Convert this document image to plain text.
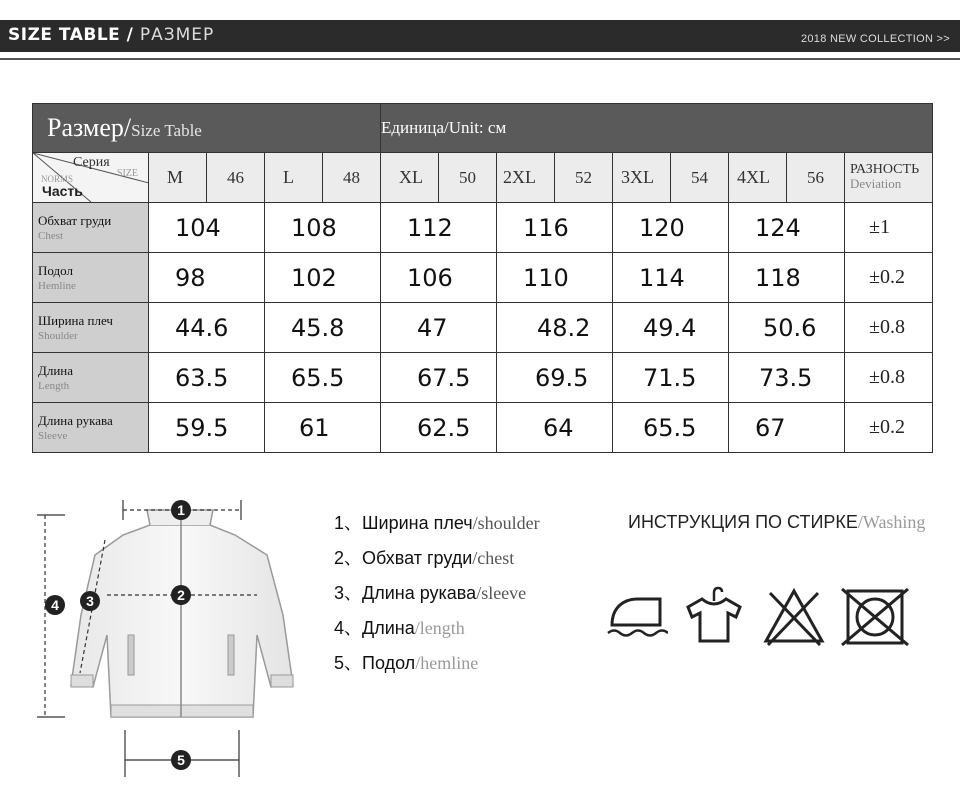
SIZE TABLE / РАЗМЕР	2018 NEW COLLECTION >>
Размер/Size Table					Единица/Unit: см								

Серия
NORMS SIZE
Часть	M	46	L	48	XL	50	2XL	52	3XL	54	4XL	56	РАЗНОСТЬ
Deviation

Обхват груди
Chest	104		108		112		116		120		124		±1

Подол
Hemline	98		102		106		110		114		118		±0.2

Ширина плеч
Shoulder	44.6		45.8		47		48.2		49.4		50.6		±0.8

Длина
Length	63.5		65.5		67.5		69.5		71.5		73.5		±0.8

Длина рукава
Sleeve	59.5		61		62.5		64		65.5		67		±0.2
1
2
3
4
5
1、Ширина плеч/shoulder
2、Обхват груди/chest
3、Длина рукава/sleeve
4、Длина/length
5、Подол/hemline
ИНСТРУКЦИЯ ПО СТИРКЕ/Washing
